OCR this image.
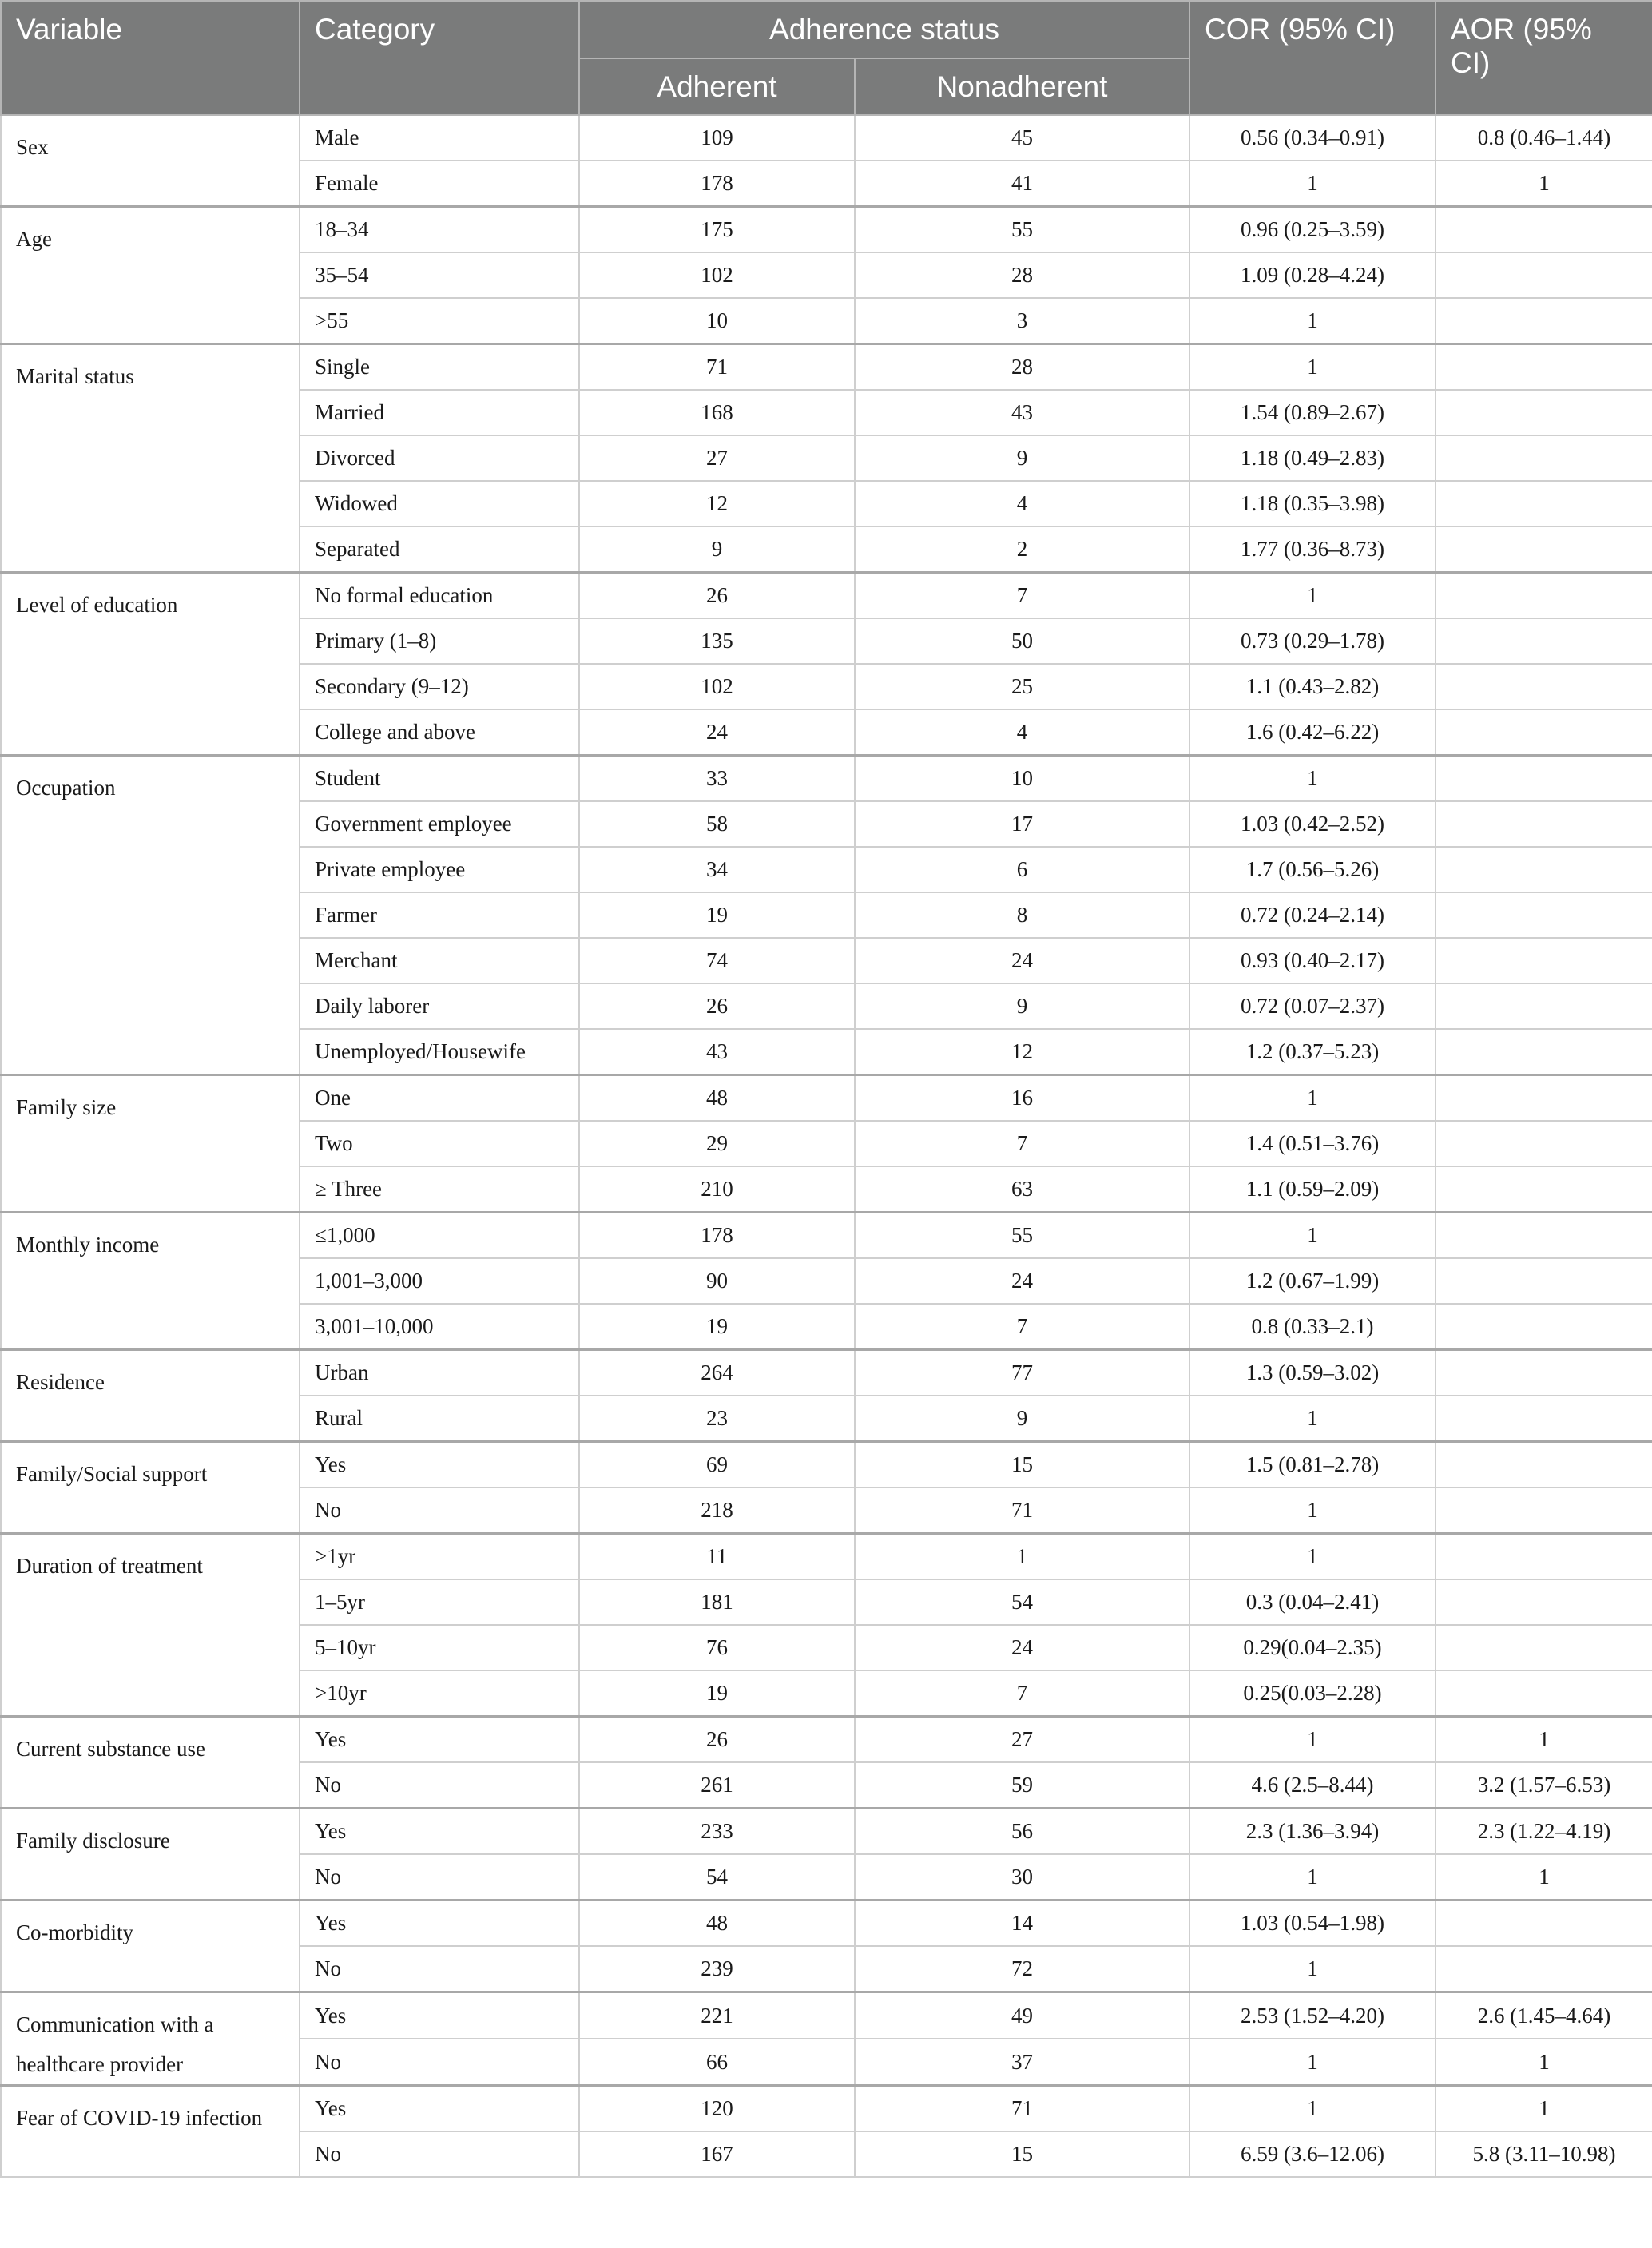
Variable	Category	Adherence status		COR (95% CI)	AOR (95% CI)
		Adherent	Nonadherent		
Sex	Male	109	45	0.56 (0.34–0.91)	0.8 (0.46–1.44)
	Female	178	41	1	1
Age	18–34	175	55	0.96 (0.25–3.59)	
	35–54	102	28	1.09 (0.28–4.24)	
	>55	10	3	1	
Marital status	Single	71	28	1	
	Married	168	43	1.54 (0.89–2.67)	
	Divorced	27	9	1.18 (0.49–2.83)	
	Widowed	12	4	1.18 (0.35–3.98)	
	Separated	9	2	1.77 (0.36–8.73)	
Level of education	No formal education	26	7	1	
	Primary (1–8)	135	50	0.73 (0.29–1.78)	
	Secondary (9–12)	102	25	1.1 (0.43–2.82)	
	College and above	24	4	1.6 (0.42–6.22)	
Occupation	Student	33	10	1	
	Government employee	58	17	1.03 (0.42–2.52)	
	Private employee	34	6	1.7 (0.56–5.26)	
	Farmer	19	8	0.72 (0.24–2.14)	
	Merchant	74	24	0.93 (0.40–2.17)	
	Daily laborer	26	9	0.72 (0.07–2.37)	
	Unemployed/Housewife	43	12	1.2 (0.37–5.23)	
Family size	One	48	16	1	
	Two	29	7	1.4 (0.51–3.76)	
	≥ Three	210	63	1.1 (0.59–2.09)	
Monthly income	≤1,000	178	55	1	
	1,001–3,000	90	24	1.2 (0.67–1.99)	
	3,001–10,000	19	7	0.8 (0.33–2.1)	
Residence	Urban	264	77	1.3 (0.59–3.02)	
	Rural	23	9	1	
Family/Social support	Yes	69	15	1.5 (0.81–2.78)	
	No	218	71	1	
Duration of treatment	>1yr	11	1	1	
	1–5yr	181	54	0.3 (0.04–2.41)	
	5–10yr	76	24	0.29(0.04–2.35)	
	>10yr	19	7	0.25(0.03–2.28)	
Current substance use	Yes	26	27	1	1
	No	261	59	4.6 (2.5–8.44)	3.2 (1.57–6.53)
Family disclosure	Yes	233	56	2.3 (1.36–3.94)	2.3 (1.22–4.19)
	No	54	30	1	1
Co-morbidity	Yes	48	14	1.03 (0.54–1.98)	
	No	239	72	1	
Communication with a healthcare provider	Yes	221	49	2.53 (1.52–4.20)	2.6 (1.45–4.64)
	No	66	37	1	1
Fear of COVID-19 infection	Yes	120	71	1	1
	No	167	15	6.59 (3.6–12.06)	5.8 (3.11–10.98)
